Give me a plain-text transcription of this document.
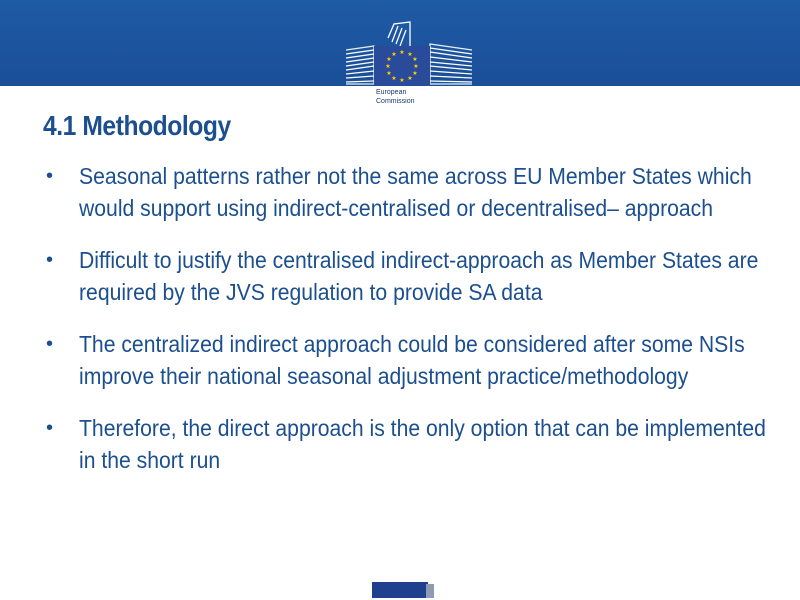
★ ★
★
★
★
★
★
★
★
★
★
★
European
Commission
4.1 Methodology
• Seasonal patterns rather not the same across EU Member States which would support using indirect-centralised or decentralised– approach
• Difficult to justify the centralised indirect-approach as Member States are required by the JVS regulation to provide SA data
• The centralized indirect approach could be considered after some NSIs improve their national seasonal adjustment practice/methodology
• Therefore, the direct approach is the only option that can be implemented in the short run
